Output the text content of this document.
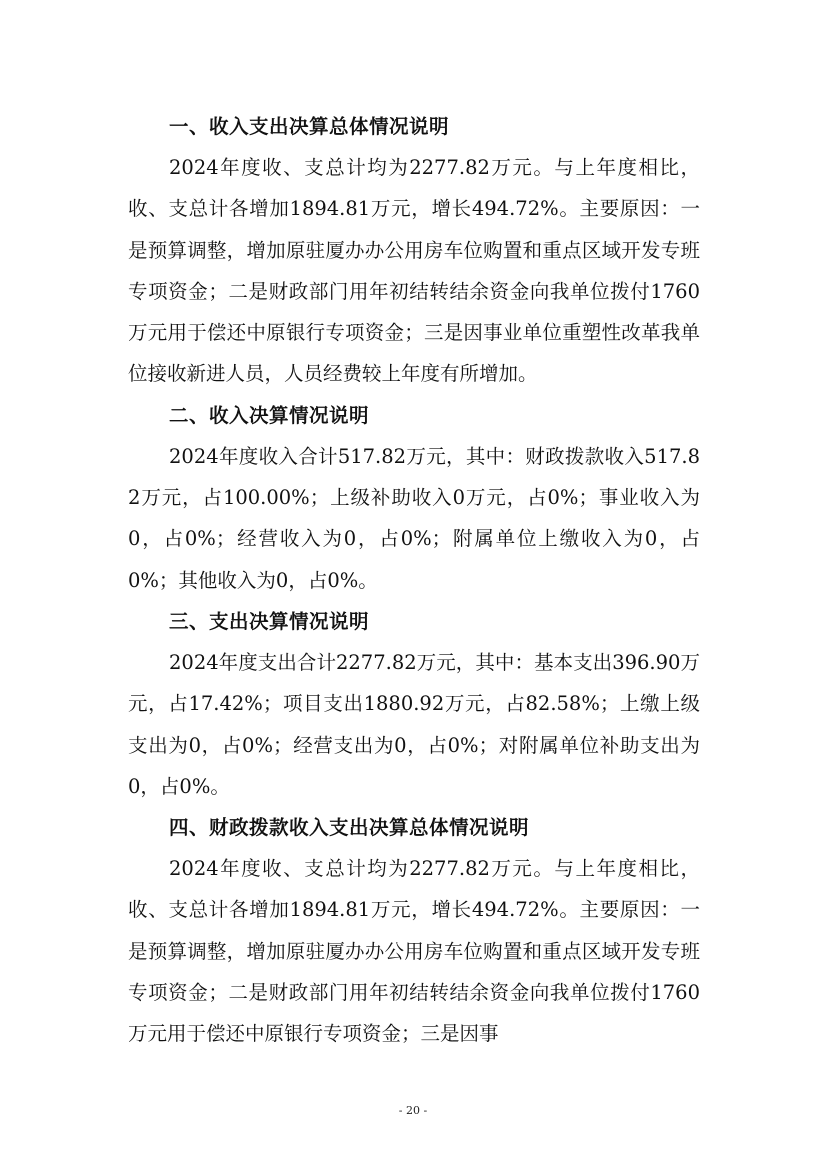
一、收入支出决算总体情况说明
2024年度收、支总计均为2277.82万元。与上年度相比，收、支总计各增加1894.81万元，增长494.72%。主要原因：一是预算调整，增加原驻厦办办公用房车位购置和重点区域开发专班专项资金；二是财政部门用年初结转结余资金向我单位拨付1760万元用于偿还中原银行专项资金；三是因事业单位重塑性改革我单位接收新进人员，人员经费较上年度有所增加。
二、收入决算情况说明
2024年度收入合计517.82万元，其中：财政拨款收入517.82万元，占100.00%；上级补助收入0万元，占0%；事业收入为0，占0%；经营收入为0，占0%；附属单位上缴收入为0，占0%；其他收入为0，占0%。
三、支出决算情况说明
2024年度支出合计2277.82万元，其中：基本支出396.90万元，占17.42%；项目支出1880.92万元，占82.58%；上缴上级支出为0，占0%；经营支出为0，占0%；对附属单位补助支出为0，占0%。
四、财政拨款收入支出决算总体情况说明
2024年度收、支总计均为2277.82万元。与上年度相比，收、支总计各增加1894.81万元，增长494.72%。主要原因：一是预算调整，增加原驻厦办办公用房车位购置和重点区域开发专班专项资金；二是财政部门用年初结转结余资金向我单位拨付1760万元用于偿还中原银行专项资金；三是因事
- 20 -
